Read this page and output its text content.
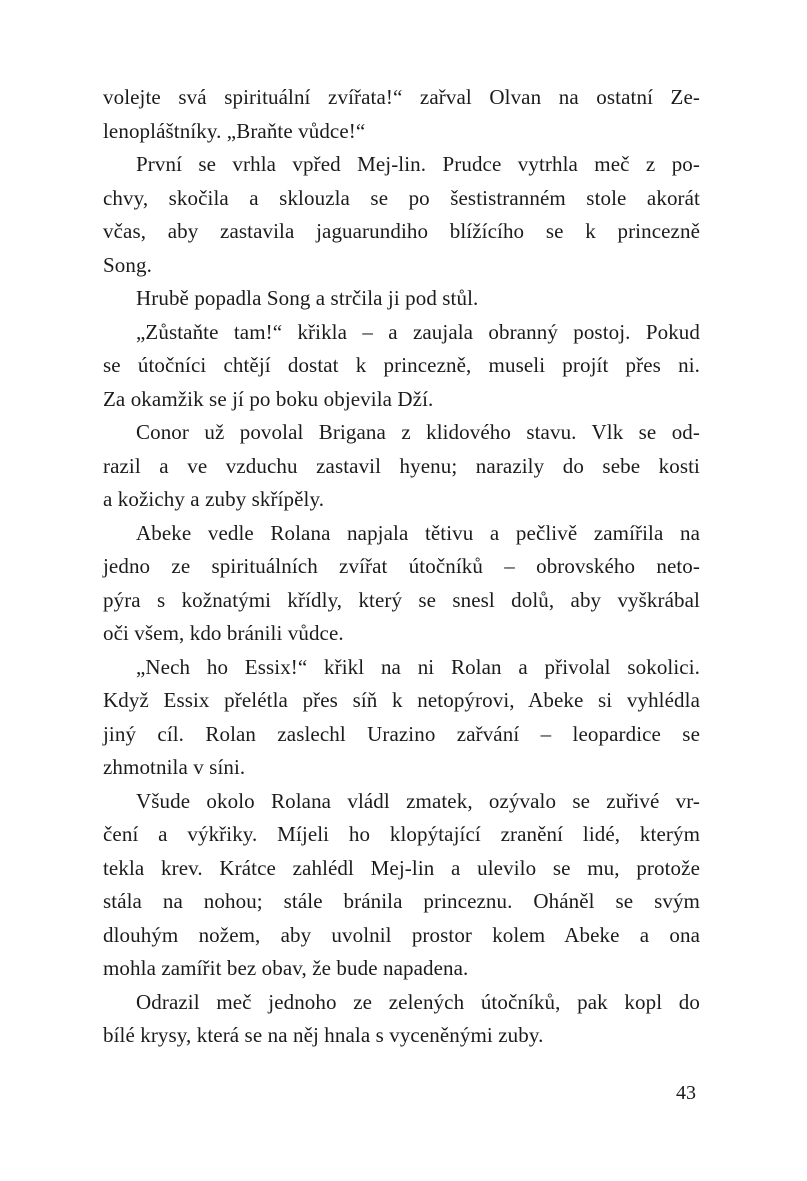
volejte svá spirituální zvířata!“ zařval Olvan na ostatní Ze-
lenopláštníky. „Braňte vůdce!“
První se vrhla vpřed Mej-lin. Prudce vytrhla meč z po-
chvy, skočila a sklouzla se po šestistranném stole akorát
včas, aby zastavila jaguarundiho blížícího se k princezně
Song.
Hrubě popadla Song a strčila ji pod stůl.
„Zůstaňte tam!“ křikla – a zaujala obranný postoj. Pokud
se útočníci chtějí dostat k princezně, museli projít přes ni.
Za okamžik se jí po boku objevila Dží.
Conor už povolal Brigana z klidového stavu. Vlk se od-
razil a ve vzduchu zastavil hyenu; narazily do sebe kosti
a kožichy a zuby skřípěly.
Abeke vedle Rolana napjala tětivu a pečlivě zamířila na
jedno ze spirituálních zvířat útočníků – obrovského neto-
pýra s kožnatými křídly, který se snesl dolů, aby vyškrábal
oči všem, kdo bránili vůdce.
„Nech ho Essix!“ křikl na ni Rolan a přivolal sokolici.
Když Essix přelétla přes síň k netopýrovi, Abeke si vyhlédla
jiný cíl. Rolan zaslechl Urazino zařvání – leopardice se
zhmotnila v síni.
Všude okolo Rolana vládl zmatek, ozývalo se zuřivé vr-
čení a výkřiky. Míjeli ho klopýtající zranění lidé, kterým
tekla krev. Krátce zahlédl Mej-lin a ulevilo se mu, protože
stála na nohou; stále bránila princeznu. Oháněl se svým
dlouhým nožem, aby uvolnil prostor kolem Abeke a ona
mohla zamířit bez obav, že bude napadena.
Odrazil meč jednoho ze zelených útočníků, pak kopl do
bílé krysy, která se na něj hnala s vyceněnými zuby.
43
